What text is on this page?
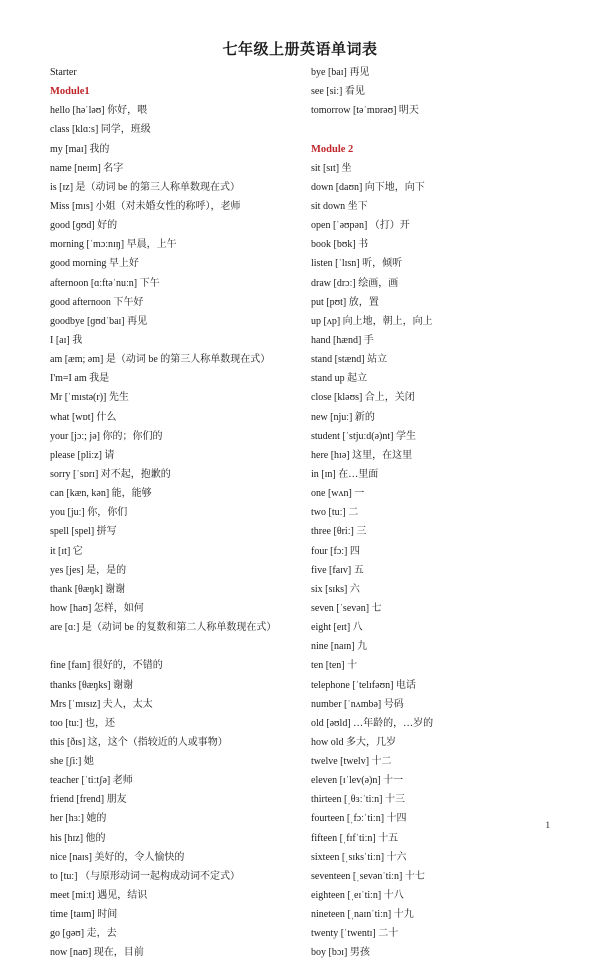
七年级上册英语单词表
Starter
Module1
hello [həˈləʊ] 你好，喂
class [klɑːs] 同学，班级
my [maɪ] 我的
name [neɪm] 名字
is [ɪz] 是（动词 be 的第三人称单数现在式）
Miss [mɪs] 小姐（对未婚女性的称呼），老师
good [ɡʊd] 好的
morning [ˈmɔːnɪŋ] 早晨，上午
good morning 早上好
afternoon [ɑːftəˈnuːn] 下午
good afternoon 下午好
goodbye [ɡʊdˈbaɪ] 再见
I [aɪ] 我
am [æm; əm] 是（动词 be 的第三人称单数现在式）
I'm=I am 我是
Mr [ˈmɪstə(r)] 先生
what [wɒt] 什么
your [jɔː; jə] 你的；你们的
please [pliːz] 请
sorry [ˈsɒrɪ] 对不起，抱歉的
can [kæn, kən] 能，能够
you [juː] 你，你们
spell [spel] 拼写
it [ɪt] 它
yes [jes] 是，是的
thank [θæŋk] 谢谢
how [haʊ] 怎样，如何
are [ɑː] 是（动词 be 的复数和第二人称单数现在式）
fine [faɪn] 很好的，不错的
thanks [θæŋks] 谢谢
Mrs [ˈmɪsɪz] 夫人，太太
too [tuː] 也，还
this [ðɪs] 这，这个（指较近的人或事物）
she [ʃiː] 她
teacher [ˈtiːtʃə] 老师
friend [frend] 朋友
her [hɜː] 她的
his [hɪz] 他的
nice [naɪs] 美好的，令人愉快的
to [tuː] （与原形动词一起构成动词不定式）
meet [miːt] 遇见，结识
time [taɪm] 时间
go [ɡəʊ] 走，去
now [naʊ] 现在，目前
bye [baɪ] 再见
see [siː] 看见
tomorrow [təˈmɒrəʊ] 明天
Module 2
sit [sɪt] 坐
down [daʊn] 向下地，向下
sit down 坐下
open [ˈəʊpən] （打）开
book [bʊk] 书
listen [ˈlɪsn] 听，倾听
draw [drɔː] 绘画，画
put [pʊt] 放，置
up [ʌp] 向上地，朝上，向上
hand [hænd] 手
stand [stænd] 站立
stand up 起立
close [kləʊs] 合上，关闭
new [njuː] 新的
student [ˈstjuːd(ə)nt] 学生
here [hɪə] 这里，在这里
in [ɪn] 在…里面
one [wʌn] 一
two [tuː] 二
three [θriː] 三
four [fɔː] 四
five [faɪv] 五
six [sɪks] 六
seven [ˈsevən] 七
eight [eɪt] 八
nine [naɪn] 九
ten [ten] 十
telephone [ˈtelɪfəʊn] 电话
number [ˈnʌmbə] 号码
old [əʊld] …年龄的，…岁的
how old 多大，几岁
twelve [twelv] 十二
eleven [ɪˈlev(ə)n] 十一
thirteen [ˌθɜːˈtiːn] 十三
fourteen [ˌfɔːˈtiːn] 十四
fifteen [ˌfɪfˈtiːn] 十五
sixteen [ˌsɪksˈtiːn] 十六
seventeen [ˌsevənˈtiːn] 十七
eighteen [ˌeɪˈtiːn] 十八
nineteen [ˌnaɪnˈtiːn] 十九
twenty [ˈtwentɪ] 二十
boy [bɔɪ] 男孩
1
